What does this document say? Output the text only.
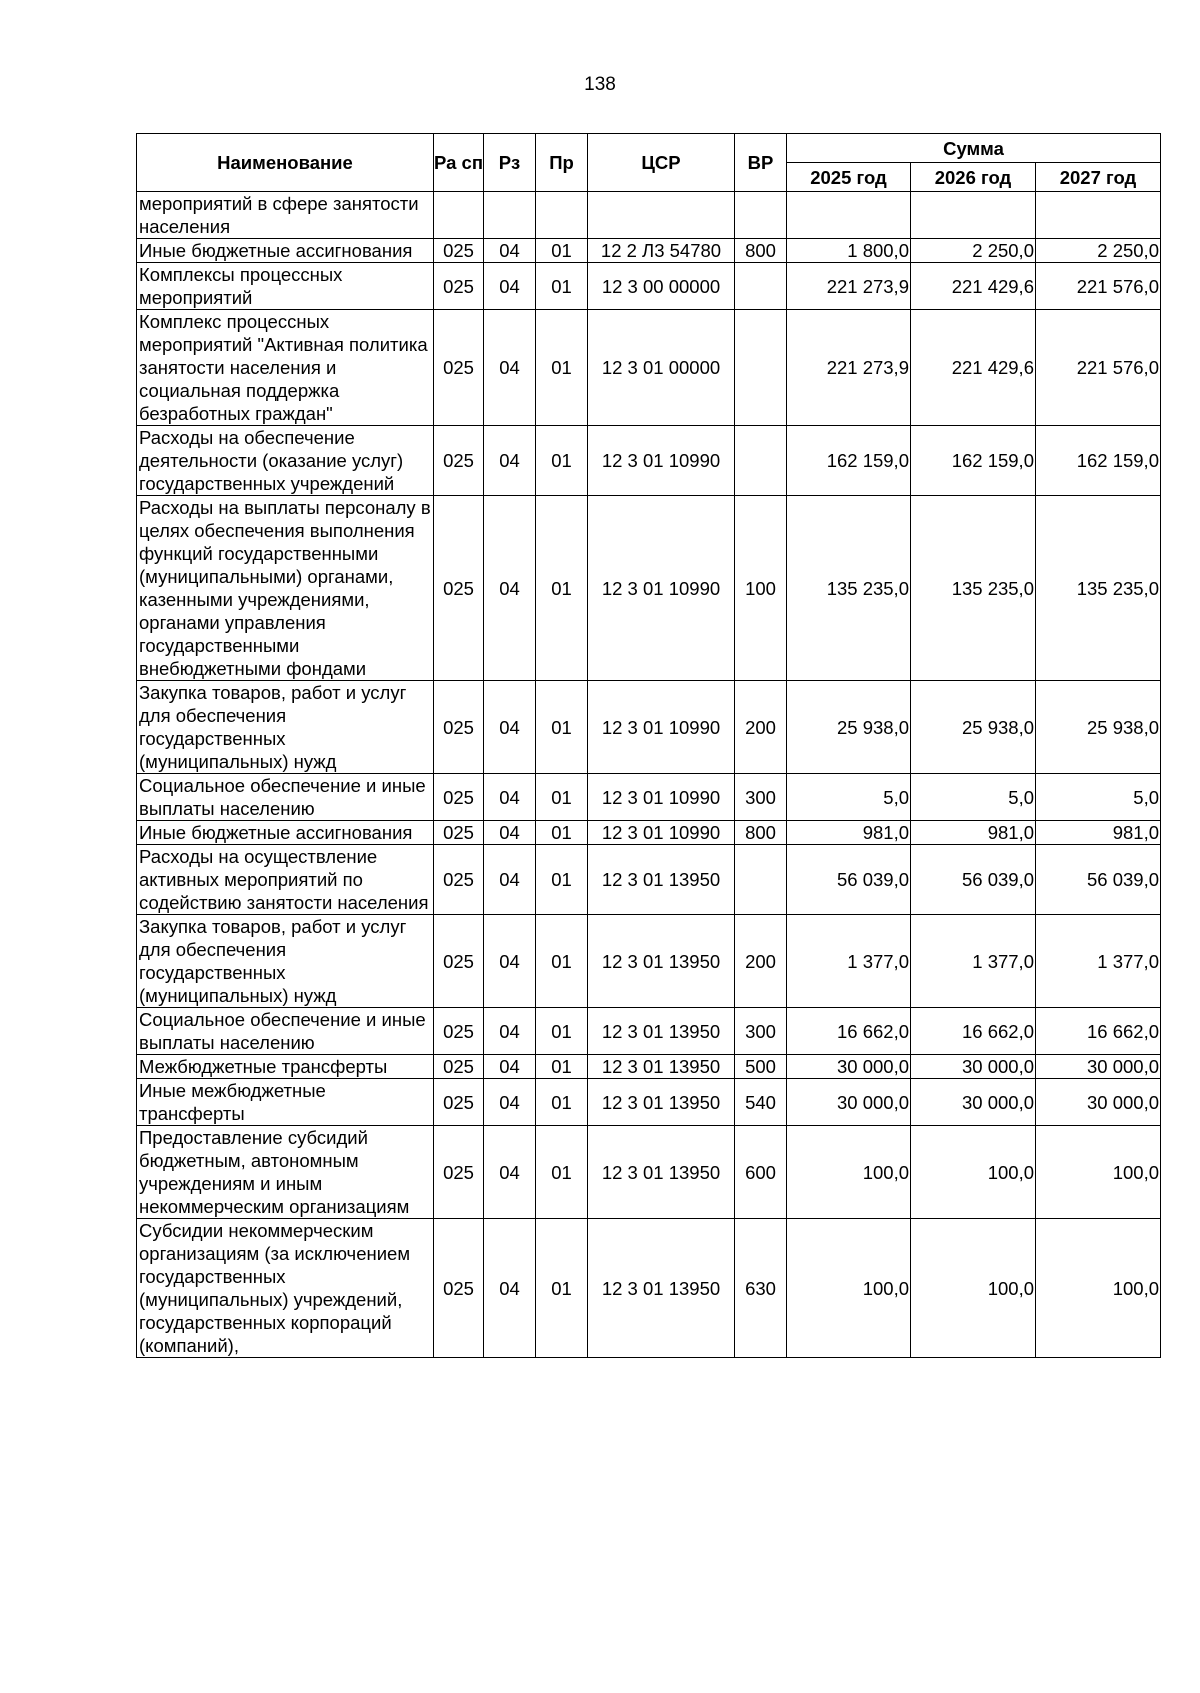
138
Наименование	Ра сп	Рз	Пр	ЦСР	ВР	Сумма		
						2025 год	2026 год	2027 год
мероприятий в сфере занятости населения								
Иные бюджетные ассигнования	025	04	01	12 2 Л3 54780	800	1 800,0	2 250,0	2 250,0
Комплексы процессных мероприятий	025	04	01	12 3 00 00000		221 273,9	221 429,6	221 576,0
Комплекс процессных мероприятий "Активная политика занятости населения и социальная поддержка безработных граждан"	025	04	01	12 3 01 00000		221 273,9	221 429,6	221 576,0
Расходы на обеспечение деятельности (оказание услуг) государственных учреждений	025	04	01	12 3 01 10990		162 159,0	162 159,0	162 159,0
Расходы на выплаты персоналу в целях обеспечения выполнения функций государственными (муниципальными) органами, казенными учреждениями, органами управления государственными внебюджетными фондами	025	04	01	12 3 01 10990	100	135 235,0	135 235,0	135 235,0
Закупка товаров, работ и услуг для обеспечения государственных (муниципальных) нужд	025	04	01	12 3 01 10990	200	25 938,0	25 938,0	25 938,0
Социальное обеспечение и иные выплаты населению	025	04	01	12 3 01 10990	300	5,0	5,0	5,0
Иные бюджетные ассигнования	025	04	01	12 3 01 10990	800	981,0	981,0	981,0
Расходы на осуществление активных мероприятий по содействию занятости населения	025	04	01	12 3 01 13950		56 039,0	56 039,0	56 039,0
Закупка товаров, работ и услуг для обеспечения государственных (муниципальных) нужд	025	04	01	12 3 01 13950	200	1 377,0	1 377,0	1 377,0
Социальное обеспечение и иные выплаты населению	025	04	01	12 3 01 13950	300	16 662,0	16 662,0	16 662,0
Межбюджетные трансферты	025	04	01	12 3 01 13950	500	30 000,0	30 000,0	30 000,0
Иные межбюджетные трансферты	025	04	01	12 3 01 13950	540	30 000,0	30 000,0	30 000,0
Предоставление субсидий бюджетным, автономным учреждениям и иным некоммерческим организациям	025	04	01	12 3 01 13950	600	100,0	100,0	100,0
Субсидии некоммерческим организациям (за исключением государственных (муниципальных) учреждений, государственных корпораций (компаний),	025	04	01	12 3 01 13950	630	100,0	100,0	100,0
